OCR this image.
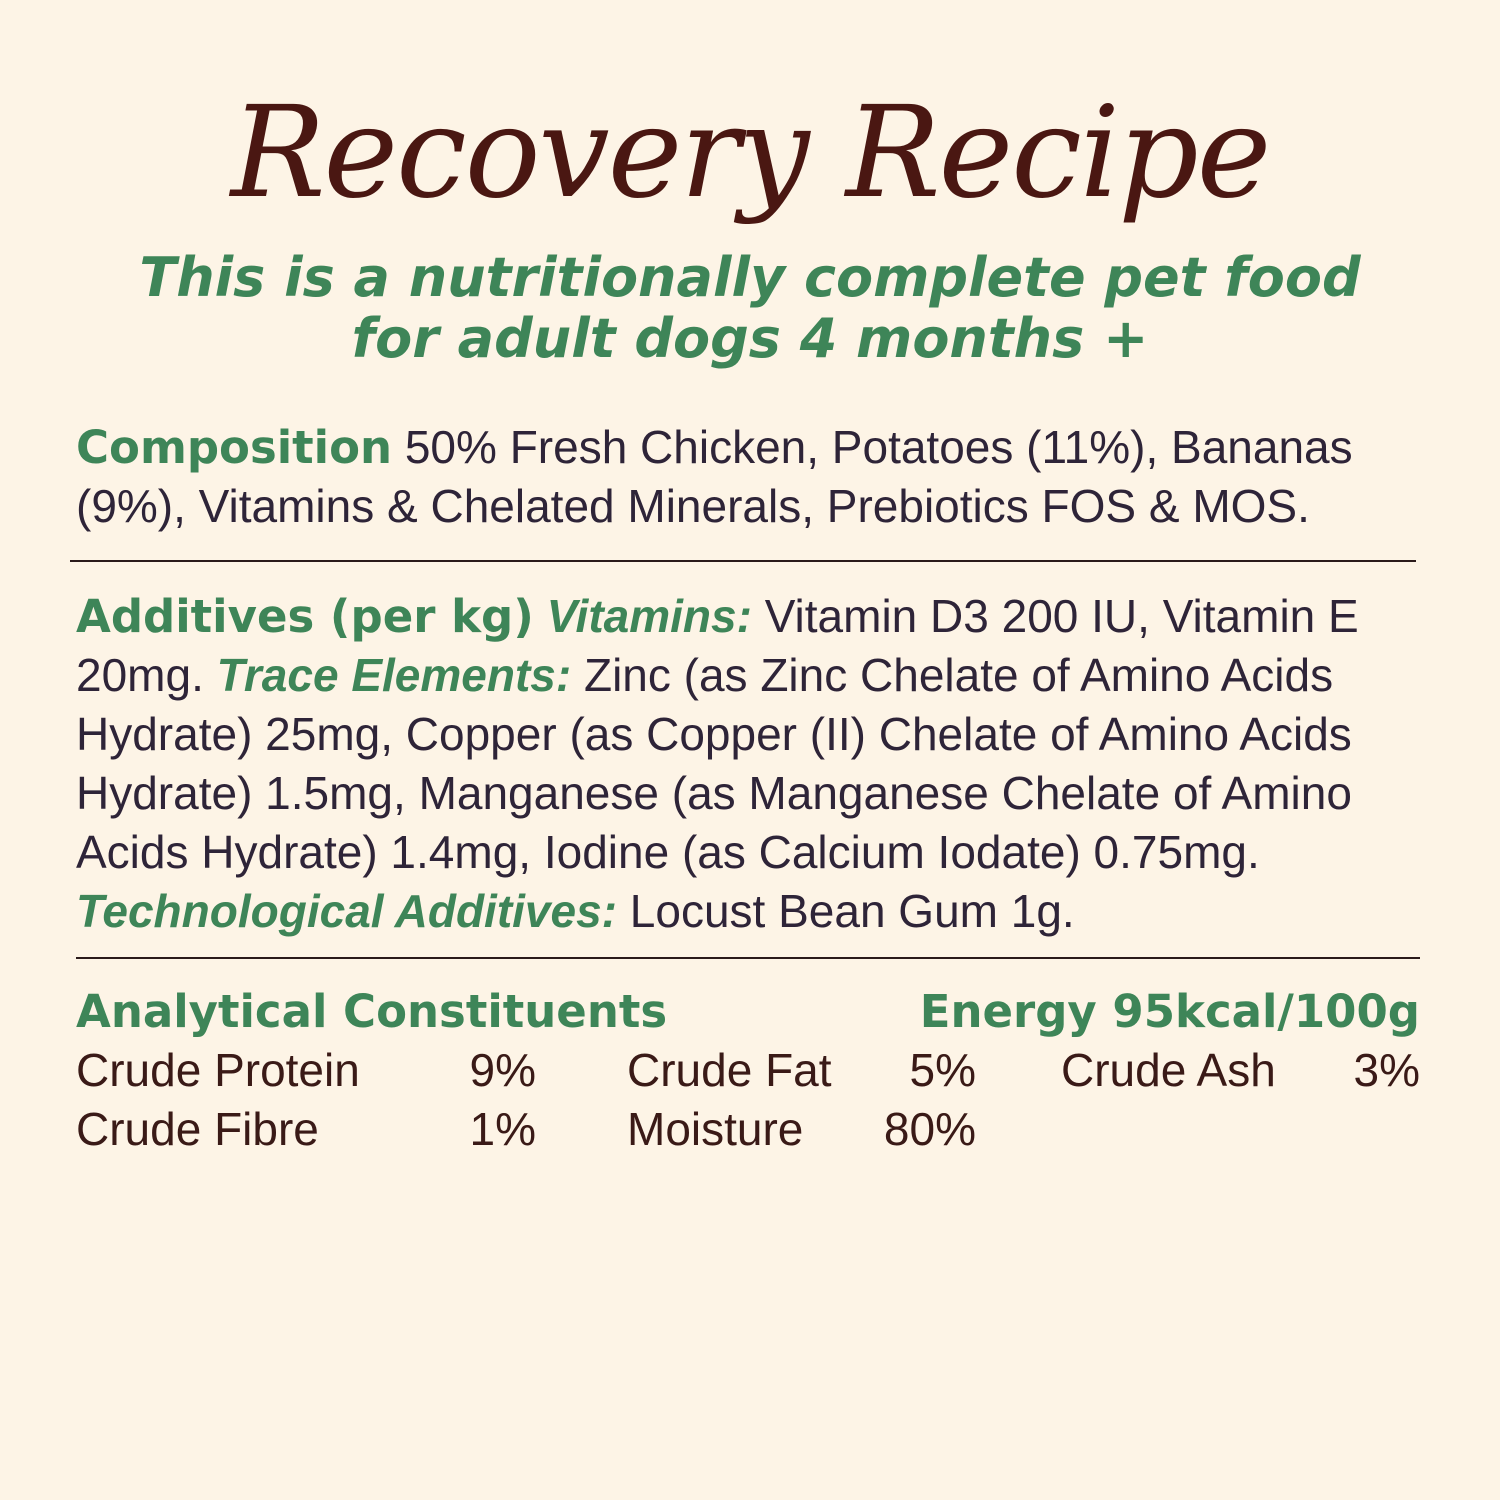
Recovery Recipe
This is a nutritionally complete pet food
for adult dogs 4 months +
Composition 50% Fresh Chicken, Potatoes (11%), Bananas (9%), Vitamins & Chelated Minerals, Prebiotics FOS & MOS.
Additives (per kg) Vitamins: Vitamin D3 200 IU, Vitamin E 20mg. Trace Elements: Zinc (as Zinc Chelate of Amino Acids Hydrate) 25mg, Copper (as Copper (II) Chelate of Amino Acids Hydrate) 1.5mg, Manganese (as Manganese Chelate of Amino Acids Hydrate) 1.4mg, Iodine (as Calcium Iodate) 0.75mg. Technological Additives: Locust Bean Gum 1g.
Analytical Constituents	Energy 95kcal/100g
Crude Protein	9% Crude Fat	5% Crude Ash	3%
Crude Fibre	1% Moisture 80%
